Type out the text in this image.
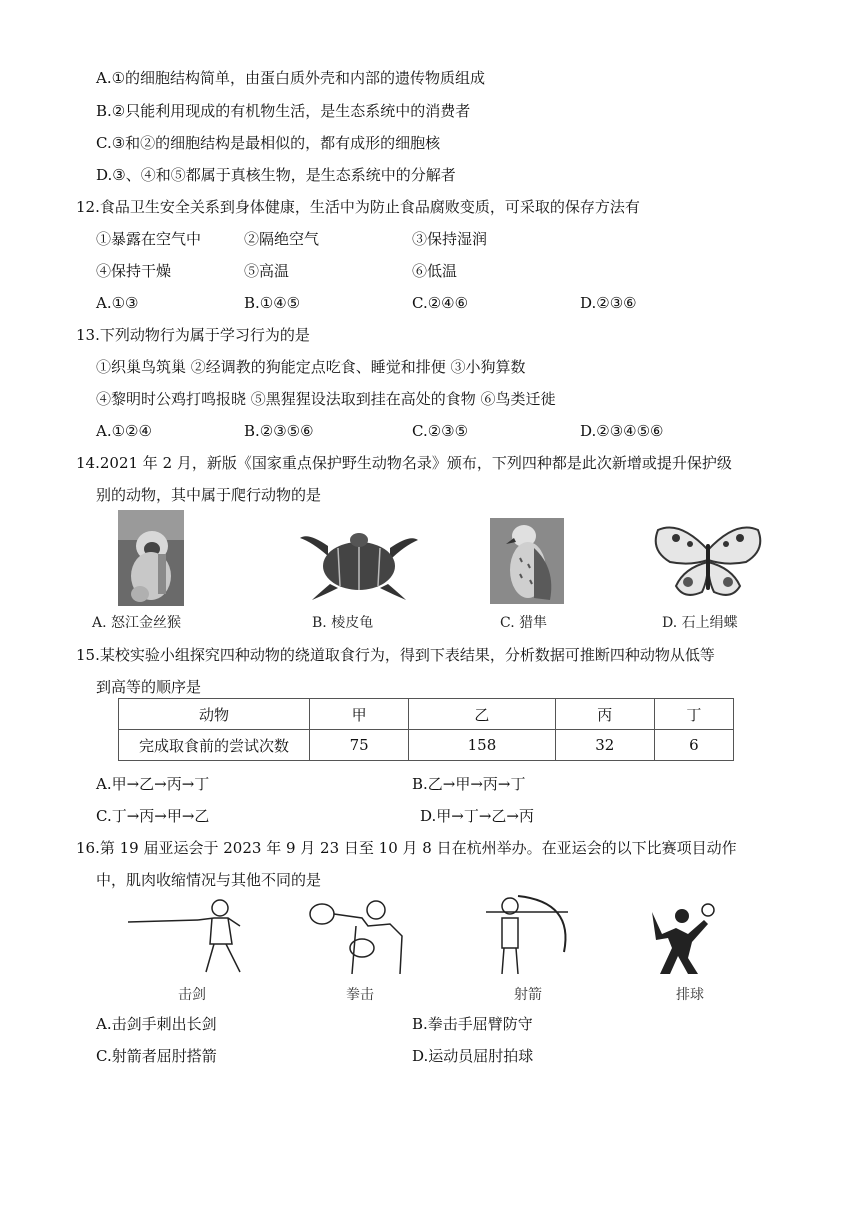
A.①的细胞结构简单，由蛋白质外壳和内部的遗传物质组成
B.②只能利用现成的有机物生活，是生态系统中的消费者
C.③和②的细胞结构是最相似的，都有成形的细胞核
D.③、④和⑤都属于真核生物，是生态系统中的分解者
12.食品卫生安全关系到身体健康，生活中为防止食品腐败变质，可采取的保存方法有
①暴露在空气中	②隔绝空气	③保持湿润
④保持干燥	⑤高温	⑥低温
A.①③	B.①④⑤	C.②④⑥	D.②③⑥
13.下列动物行为属于学习行为的是
①织巢鸟筑巢 ②经调教的狗能定点吃食、睡觉和排便 ③小狗算数
④黎明时公鸡打鸣报晓 ⑤黑猩猩设法取到挂在高处的食物 ⑥鸟类迁徙
A.①②④	B.②③⑤⑥	C.②③⑤	D.②③④⑤⑥
14.2021 年 2 月，新版《国家重点保护野生动物名录》颁布，下列四种都是此次新增或提升保护级
别的动物，其中属于爬行动物的是
A. 怒江金丝猴	B. 棱皮龟	C. 猎隼	D. 石上绢蝶
15.某校实验小组探究四种动物的绕道取食行为，得到下表结果，分析数据可推断四种动物从低等
到高等的顺序是
动物	甲	乙	丙	丁
完成取食前的尝试次数	75	158	32	6
A.甲→乙→丙→丁	B.乙→甲→丙→丁
C.丁→丙→甲→乙	D.甲→丁→乙→丙
16.第 19 届亚运会于 2023 年 9 月 23 日至 10 月 8 日在杭州举办。在亚运会的以下比赛项目动作
中，肌肉收缩情况与其他不同的是
击剑	拳击	射箭	排球
A.击剑手刺出长剑	B.拳击手屈臂防守
C.射箭者屈肘搭箭	D.运动员屈肘拍球
